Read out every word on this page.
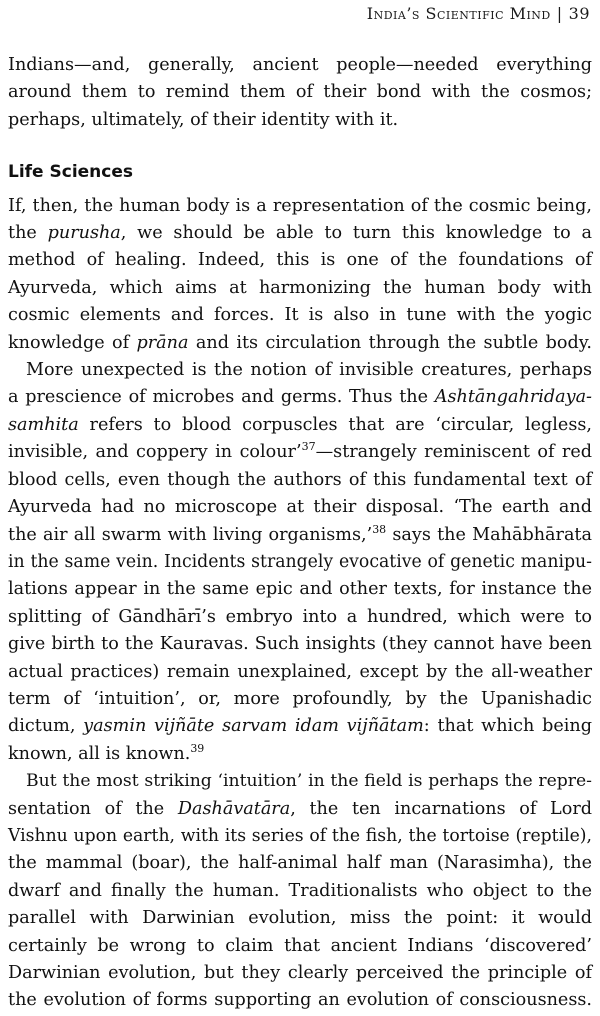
India’s Scientific Mind | 39
Indians—and, generally, ancient people—needed everything
around them to remind them of their bond with the cosmos;
perhaps, ultimately, of their identity with it.
Life Sciences
If, then, the human body is a representation of the cosmic being,
the purusha, we should be able to turn this knowledge to a
method of healing. Indeed, this is one of the foundations of
Ayurveda, which aims at harmonizing the human body with
cosmic elements and forces. It is also in tune with the yogic
knowledge of prāna and its circulation through the subtle body.
More unexpected is the notion of invisible creatures, perhaps
a prescience of microbes and germs. Thus the Ashtāngahridaya-
samhita refers to blood corpuscles that are ‘circular, legless,
invisible, and coppery in colour’$^{37}$—strangely reminiscent of red
blood cells, even though the authors of this fundamental text of
Ayurveda had no microscope at their disposal. ‘The earth and
the air all swarm with living organisms,’$^{38}$ says the Mahābhārata
in the same vein. Incidents strangely evocative of genetic manipu-
lations appear in the same epic and other texts, for instance the
splitting of Gāndhārī’s embryo into a hundred, which were to
give birth to the Kauravas. Such insights (they cannot have been
actual practices) remain unexplained, except by the all-weather
term of ‘intuition’, or, more profoundly, by the Upanishadic
dictum, yasmin vijñāte sarvam idam vijñātam: that which being
known, all is known.$^{39}$
But the most striking ‘intuition’ in the field is perhaps the repre-
sentation of the Dashāvatāra, the ten incarnations of Lord
Vishnu upon earth, with its series of the fish, the tortoise (reptile),
the mammal (boar), the half-animal half man (Narasimha), the
dwarf and finally the human. Traditionalists who object to the
parallel with Darwinian evolution, miss the point: it would
certainly be wrong to claim that ancient Indians ‘discovered’
Darwinian evolution, but they clearly perceived the principle of
the evolution of forms supporting an evolution of consciousness.
